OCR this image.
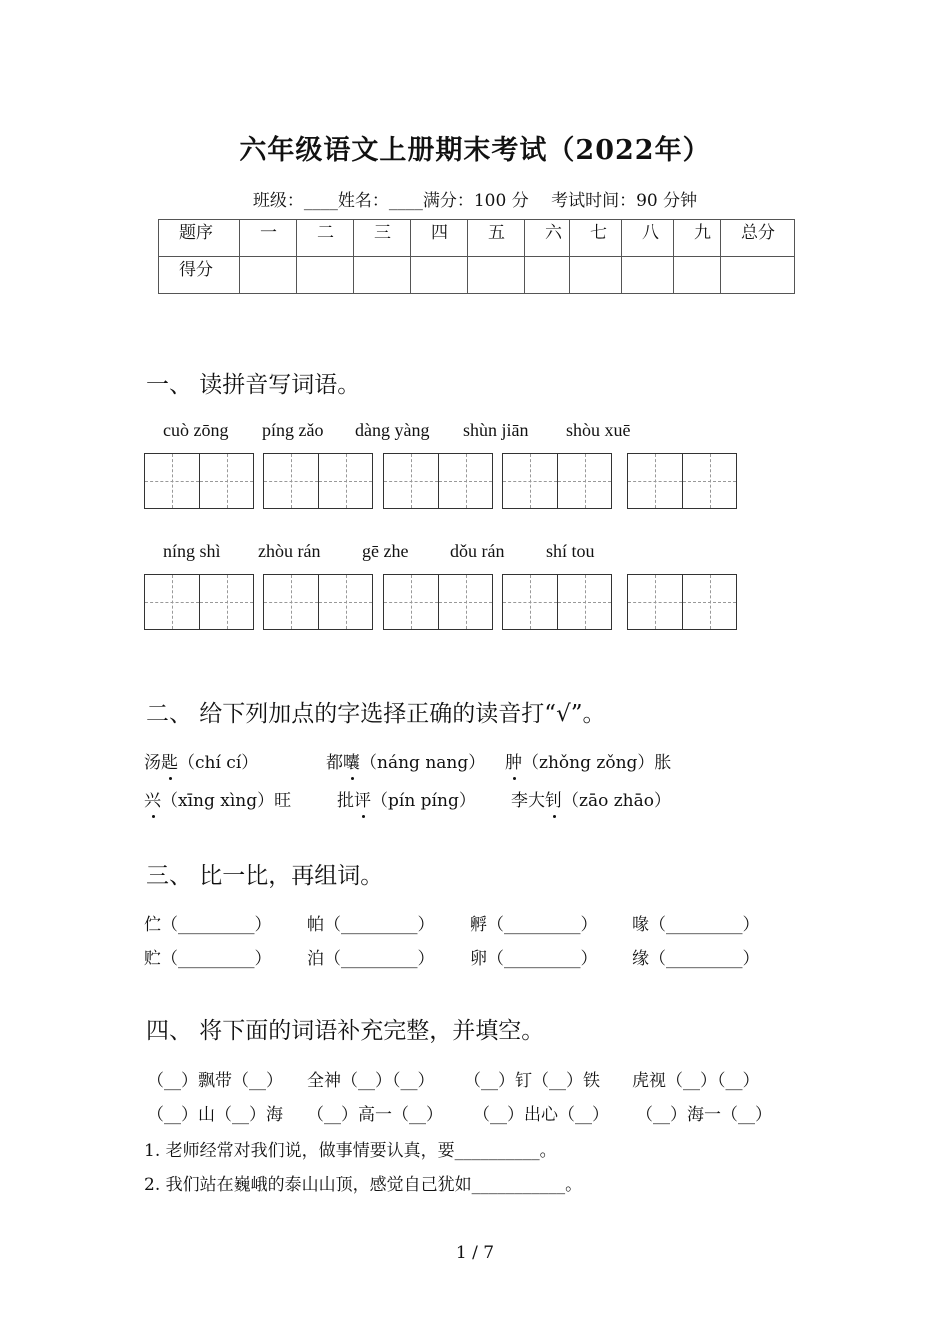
六年级语文上册期末考试（2022年）
班级：____姓名：____满分：100 分　 考试时间：90 分钟
题序	一	二	三	四	五	六	七	八	九	总分
得分										
一、 读拼音写词语。
cuò zōng píng zǎo dàng yàng shùn jiān shòu xuē
níng shì zhòu rán gē zhe dǒu rán shí tou
二、 给下列加点的字选择正确的读音打“√”。
汤匙（chí cí）	都囔（náng nang） 肿（zhǒng zǒng）胀
兴（xīng xìng）旺	批评（pín píng） 李大钊（zāo zhāo）
三、 比一比，再组词。
伫（_________） 帕（_________） 孵（_________） 喙（_________）
贮（_________） 泊（_________） 卵（_________） 缘（_________）
四、 将下面的词语补充完整，并填空。
（__）飘带（__） 全神（__）（__） （__）钉（__）铁 虎视（__）（__）
（__）山（__）海 （__）高一（__） （__）出心（__） （__）海一（__）
1. 老师经常对我们说，做事情要认真，要__________。
2. 我们站在巍峨的泰山山顶，感觉自己犹如___________。
1 / 7
